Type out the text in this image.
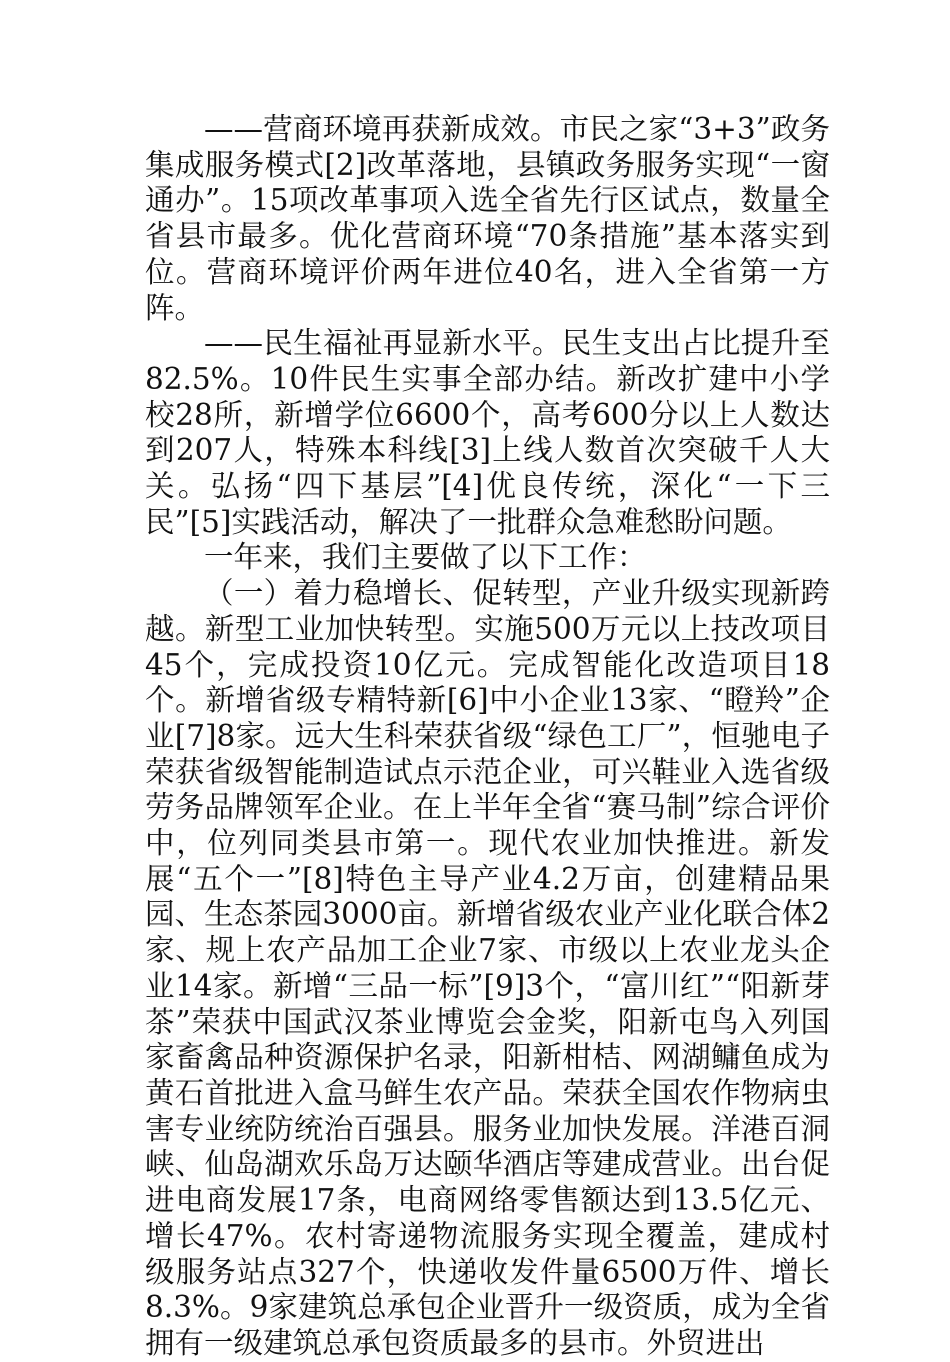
——营商环境再获新成效。市民之家“3+3”政务集成服务模式[2]改革落地，县镇政务服务实现“一窗通办”。15项改革事项入选全省先行区试点，数量全省县市最多。优化营商环境“70条措施”基本落实到位。营商环境评价两年进位40名，进入全省第一方阵。

——民生福祉再显新水平。民生支出占比提升至82.5%。10件民生实事全部办结。新改扩建中小学校28所，新增学位6600个，高考600分以上人数达到207人，特殊本科线[3]上线人数首次突破千人大关。弘扬“四下基层”[4]优良传统，深化“一下三民”[5]实践活动，解决了一批群众急难愁盼问题。

一年来，我们主要做了以下工作：

（一）着力稳增长、促转型，产业升级实现新跨越。新型工业加快转型。实施500万元以上技改项目45个，完成投资10亿元。完成智能化改造项目18个。新增省级专精特新[6]中小企业13家、“瞪羚”企业[7]8家。远大生科荣获省级“绿色工厂”，恒驰电子荣获省级智能制造试点示范企业，可兴鞋业入选省级劳务品牌领军企业。在上半年全省“赛马制”综合评价中，位列同类县市第一。现代农业加快推进。新发展“五个一”[8]特色主导产业4.2万亩，创建精品果园、生态茶园3000亩。新增省级农业产业化联合体2家、规上农产品加工企业7家、市级以上农业龙头企业14家。新增“三品一标”[9]3个，“富川红”“阳新芽茶”荣获中国武汉茶业博览会金奖，阳新屯鸟入列国家畜禽品种资源保护名录，阳新柑桔、网湖鳙鱼成为黄石首批进入盒马鲜生农产品。荣获全国农作物病虫害专业统防统治百强县。服务业加快发展。洋港百洞峡、仙岛湖欢乐岛万达颐华酒店等建成营业。出台促进电商发展17条，电商网络零售额达到13.5亿元、增长47%。农村寄递物流服务实现全覆盖，建成村级服务站点327个，快递收发件量6500万件、增长8.3%。9家建筑总承包企业晋升一级资质，成为全省拥有一级建筑总承包资质最多的县市。外贸进出
